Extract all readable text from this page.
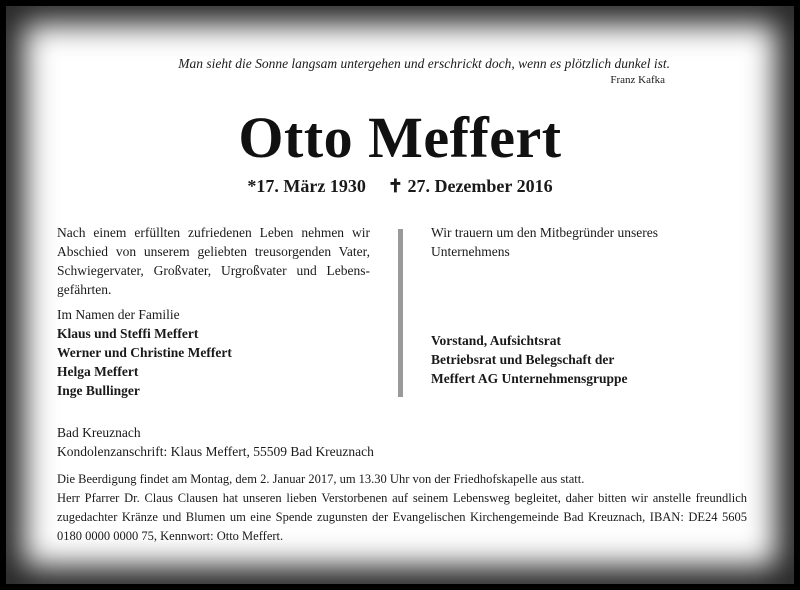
Man sieht die Sonne langsam untergehen und erschrickt doch, wenn es plötzlich dunkel ist.
Franz Kafka
Otto Meffert
*17. März 1930 ✝ 27. Dezember 2016
Nach einem erfüllten zufriedenen Leben nehmen wir Abschied von unserem geliebten treusorgenden Vater, Schwiegervater, Großvater, Urgroßvater und Lebens-gefährten.
Im Namen der Familie
Klaus und Steffi Meffert
Werner und Christine Meffert
Helga Meffert
Inge Bullinger
Wir trauern um den Mitbegründer unseres Unternehmens
Vorstand, Aufsichtsrat
Betriebsrat und Belegschaft der
Meffert AG Unternehmensgruppe
Bad Kreuznach
Kondolenzanschrift: Klaus Meffert, 55509 Bad Kreuznach
Die Beerdigung findet am Montag, dem 2. Januar 2017, um 13.30 Uhr von der Friedhofskapelle aus statt.
Herr Pfarrer Dr. Claus Clausen hat unseren lieben Verstorbenen auf seinem Lebensweg begleitet, daher bitten wir anstelle freundlich zugedachter Kränze und Blumen um eine Spende zugunsten der Evangelischen Kirchengemeinde Bad Kreuznach, IBAN: DE24 5605 0180 0000 0000 75, Kennwort: Otto Meffert.
